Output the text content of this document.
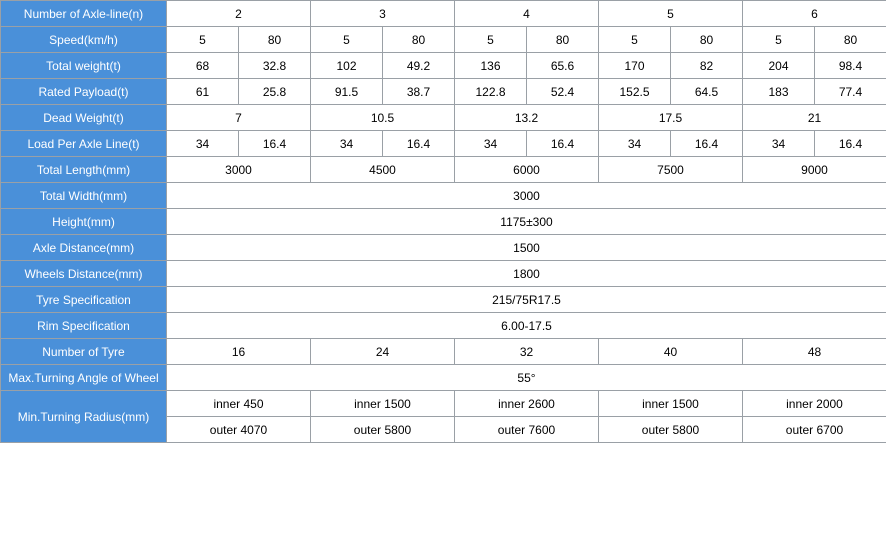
Number of Axle-line(n)	2		3		4		5		6	
Speed(km/h)	5	80	5	80	5	80	5	80	5	80
Total weight(t)	68	32.8	102	49.2	136	65.6	170	82	204	98.4
Rated Payload(t)	61	25.8	91.5	38.7	122.8	52.4	152.5	64.5	183	77.4
Dead Weight(t)	7		10.5		13.2		17.5		21	
Load Per Axle Line(t)	34	16.4	34	16.4	34	16.4	34	16.4	34	16.4
Total Length(mm)	3000		4500		6000		7500		9000	
Total Width(mm)	3000									
Height(mm)	1175±300									
Axle Distance(mm)	1500									
Wheels Distance(mm)	1800									
Tyre Specification	215/75R17.5									
Rim Specification	6.00-17.5									
Number of Tyre	16		24		32		40		48	
Max.Turning Angle of Wheel	55°									
Min.Turning Radius(mm)	inner 450		inner 1500		inner 2600		inner 1500		inner 2000	
	outer 4070		outer 5800		outer 7600		outer 5800		outer 6700	
